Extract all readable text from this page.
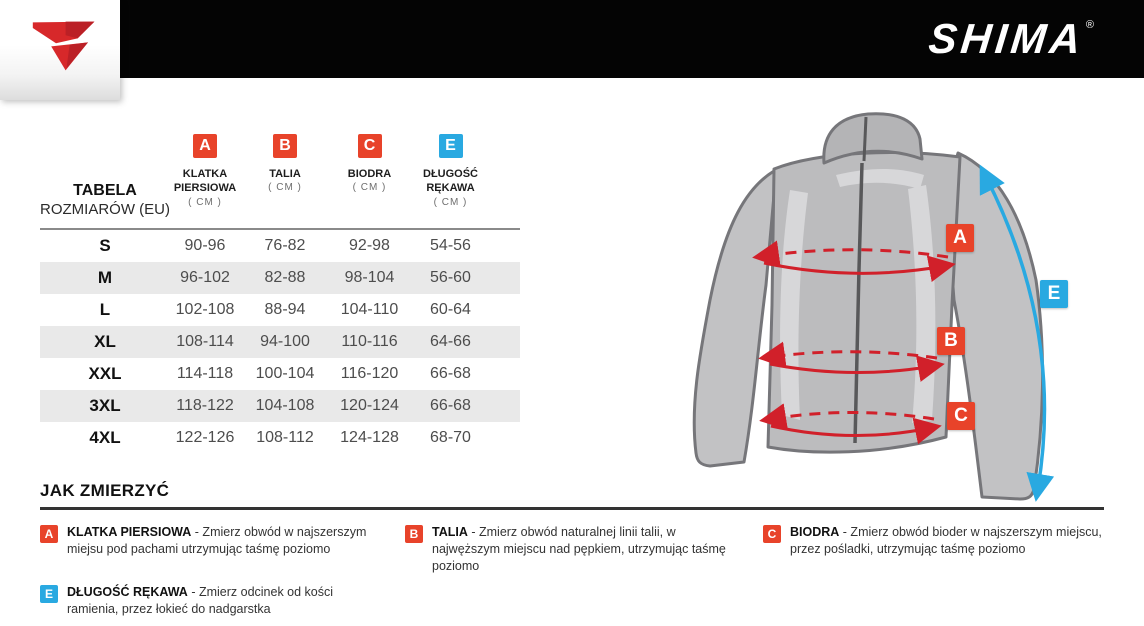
SHIMA ®
TABELA
ROZMIARÓW (EU)
A
KLATKA PIERSIOWA
( CM )
B
TALIA
( CM )
C
BIODRA
( CM )
E
DŁUGOŚĆ RĘKAWA
( CM )
S	90-96	76-82	92-98	54-56
M	96-102	82-88	98-104	56-60
L	102-108	88-94	104-110	60-64
XL	108-114	94-100	110-116	64-66
XXL	114-118	100-104	116-120	66-68
3XL	118-122	104-108	120-124	66-68
4XL	122-126	108-112	124-128	68-70
A
B
C
E
JAK ZMIERZYĆ
A	KLATKA PIERSIOWA - Zmierz obwód w najszerszym miejsu pod pachami utrzymując taśmę poziomo
B	TALIA - Zmierz obwód naturalnej linii talii, w najwęższym miejscu nad pępkiem, utrzymując taśmę poziomo
C	BIODRA - Zmierz obwód bioder w najszerszym miejscu, przez pośladki, utrzymując taśmę poziomo
E	DŁUGOŚĆ RĘKAWA - Zmierz odcinek od kości ramienia, przez łokieć do nadgarstka
